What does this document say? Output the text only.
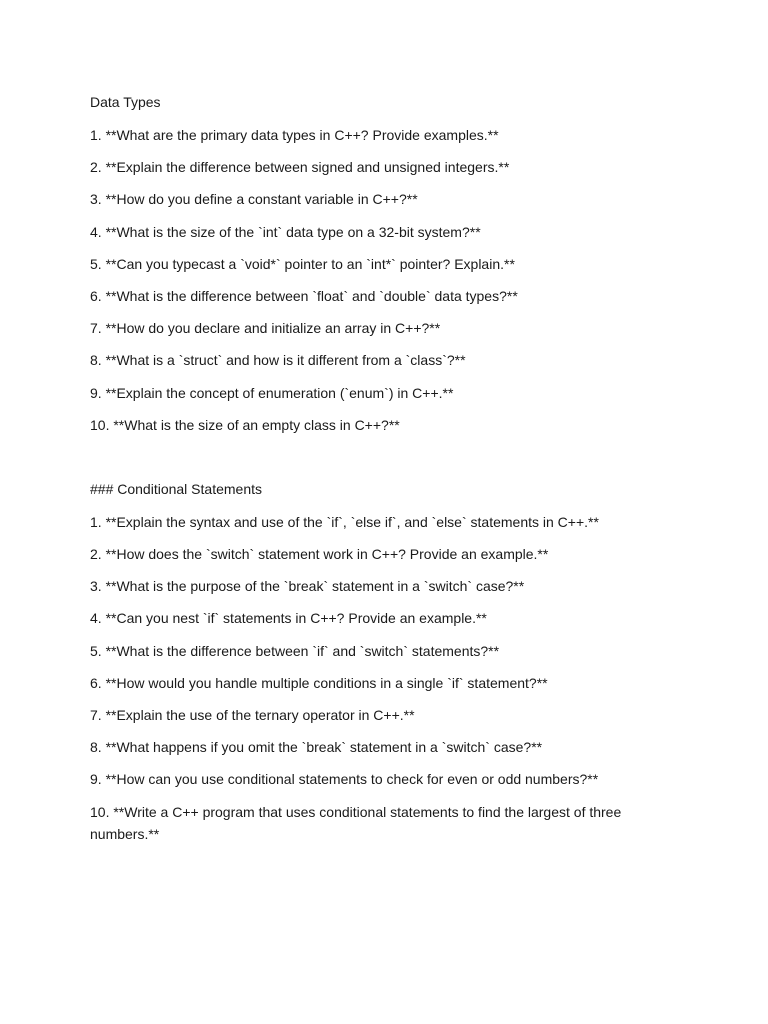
Data Types
1. **What are the primary data types in C++? Provide examples.**
2. **Explain the difference between signed and unsigned integers.**
3. **How do you define a constant variable in C++?**
4. **What is the size of the `int` data type on a 32-bit system?**
5. **Can you typecast a `void*` pointer to an `int*` pointer? Explain.**
6. **What is the difference between `float` and `double` data types?**
7. **How do you declare and initialize an array in C++?**
8. **What is a `struct` and how is it different from a `class`?**
9. **Explain the concept of enumeration (`enum`) in C++.**
10. **What is the size of an empty class in C++?**
### Conditional Statements
1. **Explain the syntax and use of the `if`, `else if`, and `else` statements in C++.**
2. **How does the `switch` statement work in C++? Provide an example.**
3. **What is the purpose of the `break` statement in a `switch` case?**
4. **Can you nest `if` statements in C++? Provide an example.**
5. **What is the difference between `if` and `switch` statements?**
6. **How would you handle multiple conditions in a single `if` statement?**
7. **Explain the use of the ternary operator in C++.**
8. **What happens if you omit the `break` statement in a `switch` case?**
9. **How can you use conditional statements to check for even or odd numbers?**
10. **Write a C++ program that uses conditional statements to find the largest of three numbers.**
